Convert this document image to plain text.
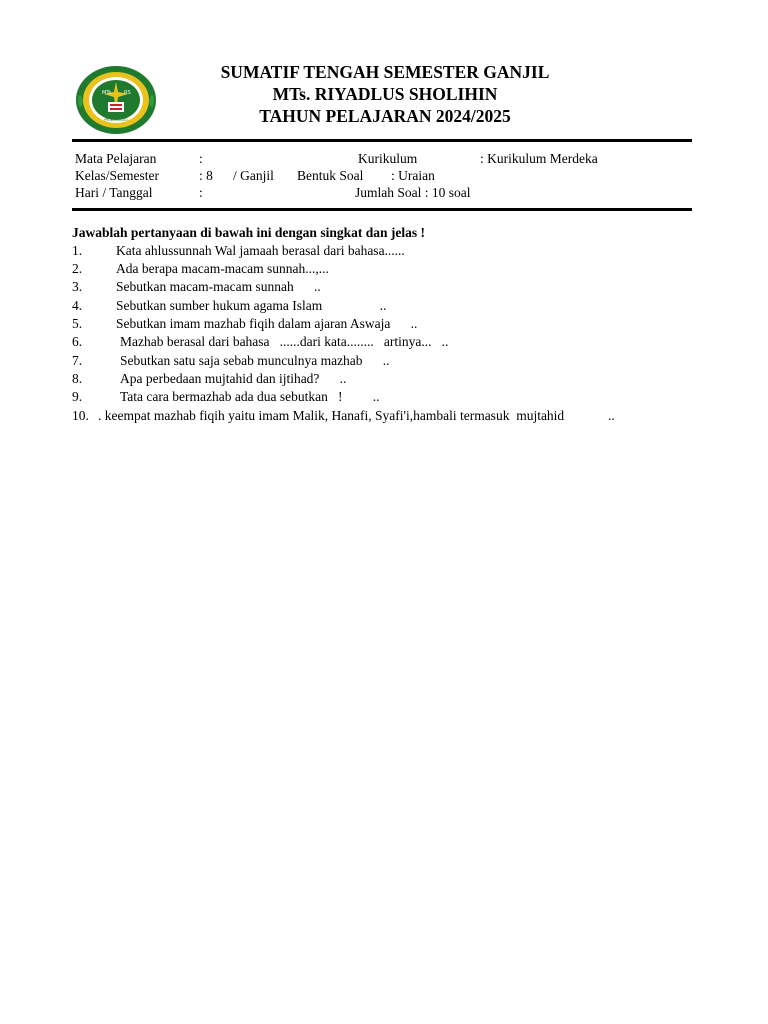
MTs	RS
PROBOLINGGO
SUMATIF TENGAH SEMESTER GANJIL
MTs. RIYADLUS SHOLIHIN
TAHUN PELAJARAN 2024/2025
Mata Pelajaran	:	Kurikulum	: Kurikulum Merdeka
Kelas/Semester	: 8 / Ganjil Bentuk Soal : Uraian
Hari / Tanggal	:	Jumlah Soal : 10 soal
Jawablah pertanyaan di bawah ini dengan singkat dan jelas !
1.	Kata ahlussunnah Wal jamaah berasal dari bahasa......
2.	Ada berapa macam-macam sunnah...,...
3.	Sebutkan macam-macam sunnah      ..
4.	Sebutkan sumber hukum agama Islam                 ..
5.	Sebutkan imam mazhab fiqih dalam ajaran Aswaja      ..
6.	Mazhab berasal dari bahasa   ......dari kata........   artinya...   ..
7.	Sebutkan satu saja sebab munculnya mazhab      ..
8.	Apa perbedaan mujtahid dan ijtihad?      ..
9.	Tata cara bermazhab ada dua sebutkan   !         ..
10. . keempat mazhab fiqih yaitu imam Malik, Hanafi, Syafi'i,hambali termasuk  mujtahid             ..
